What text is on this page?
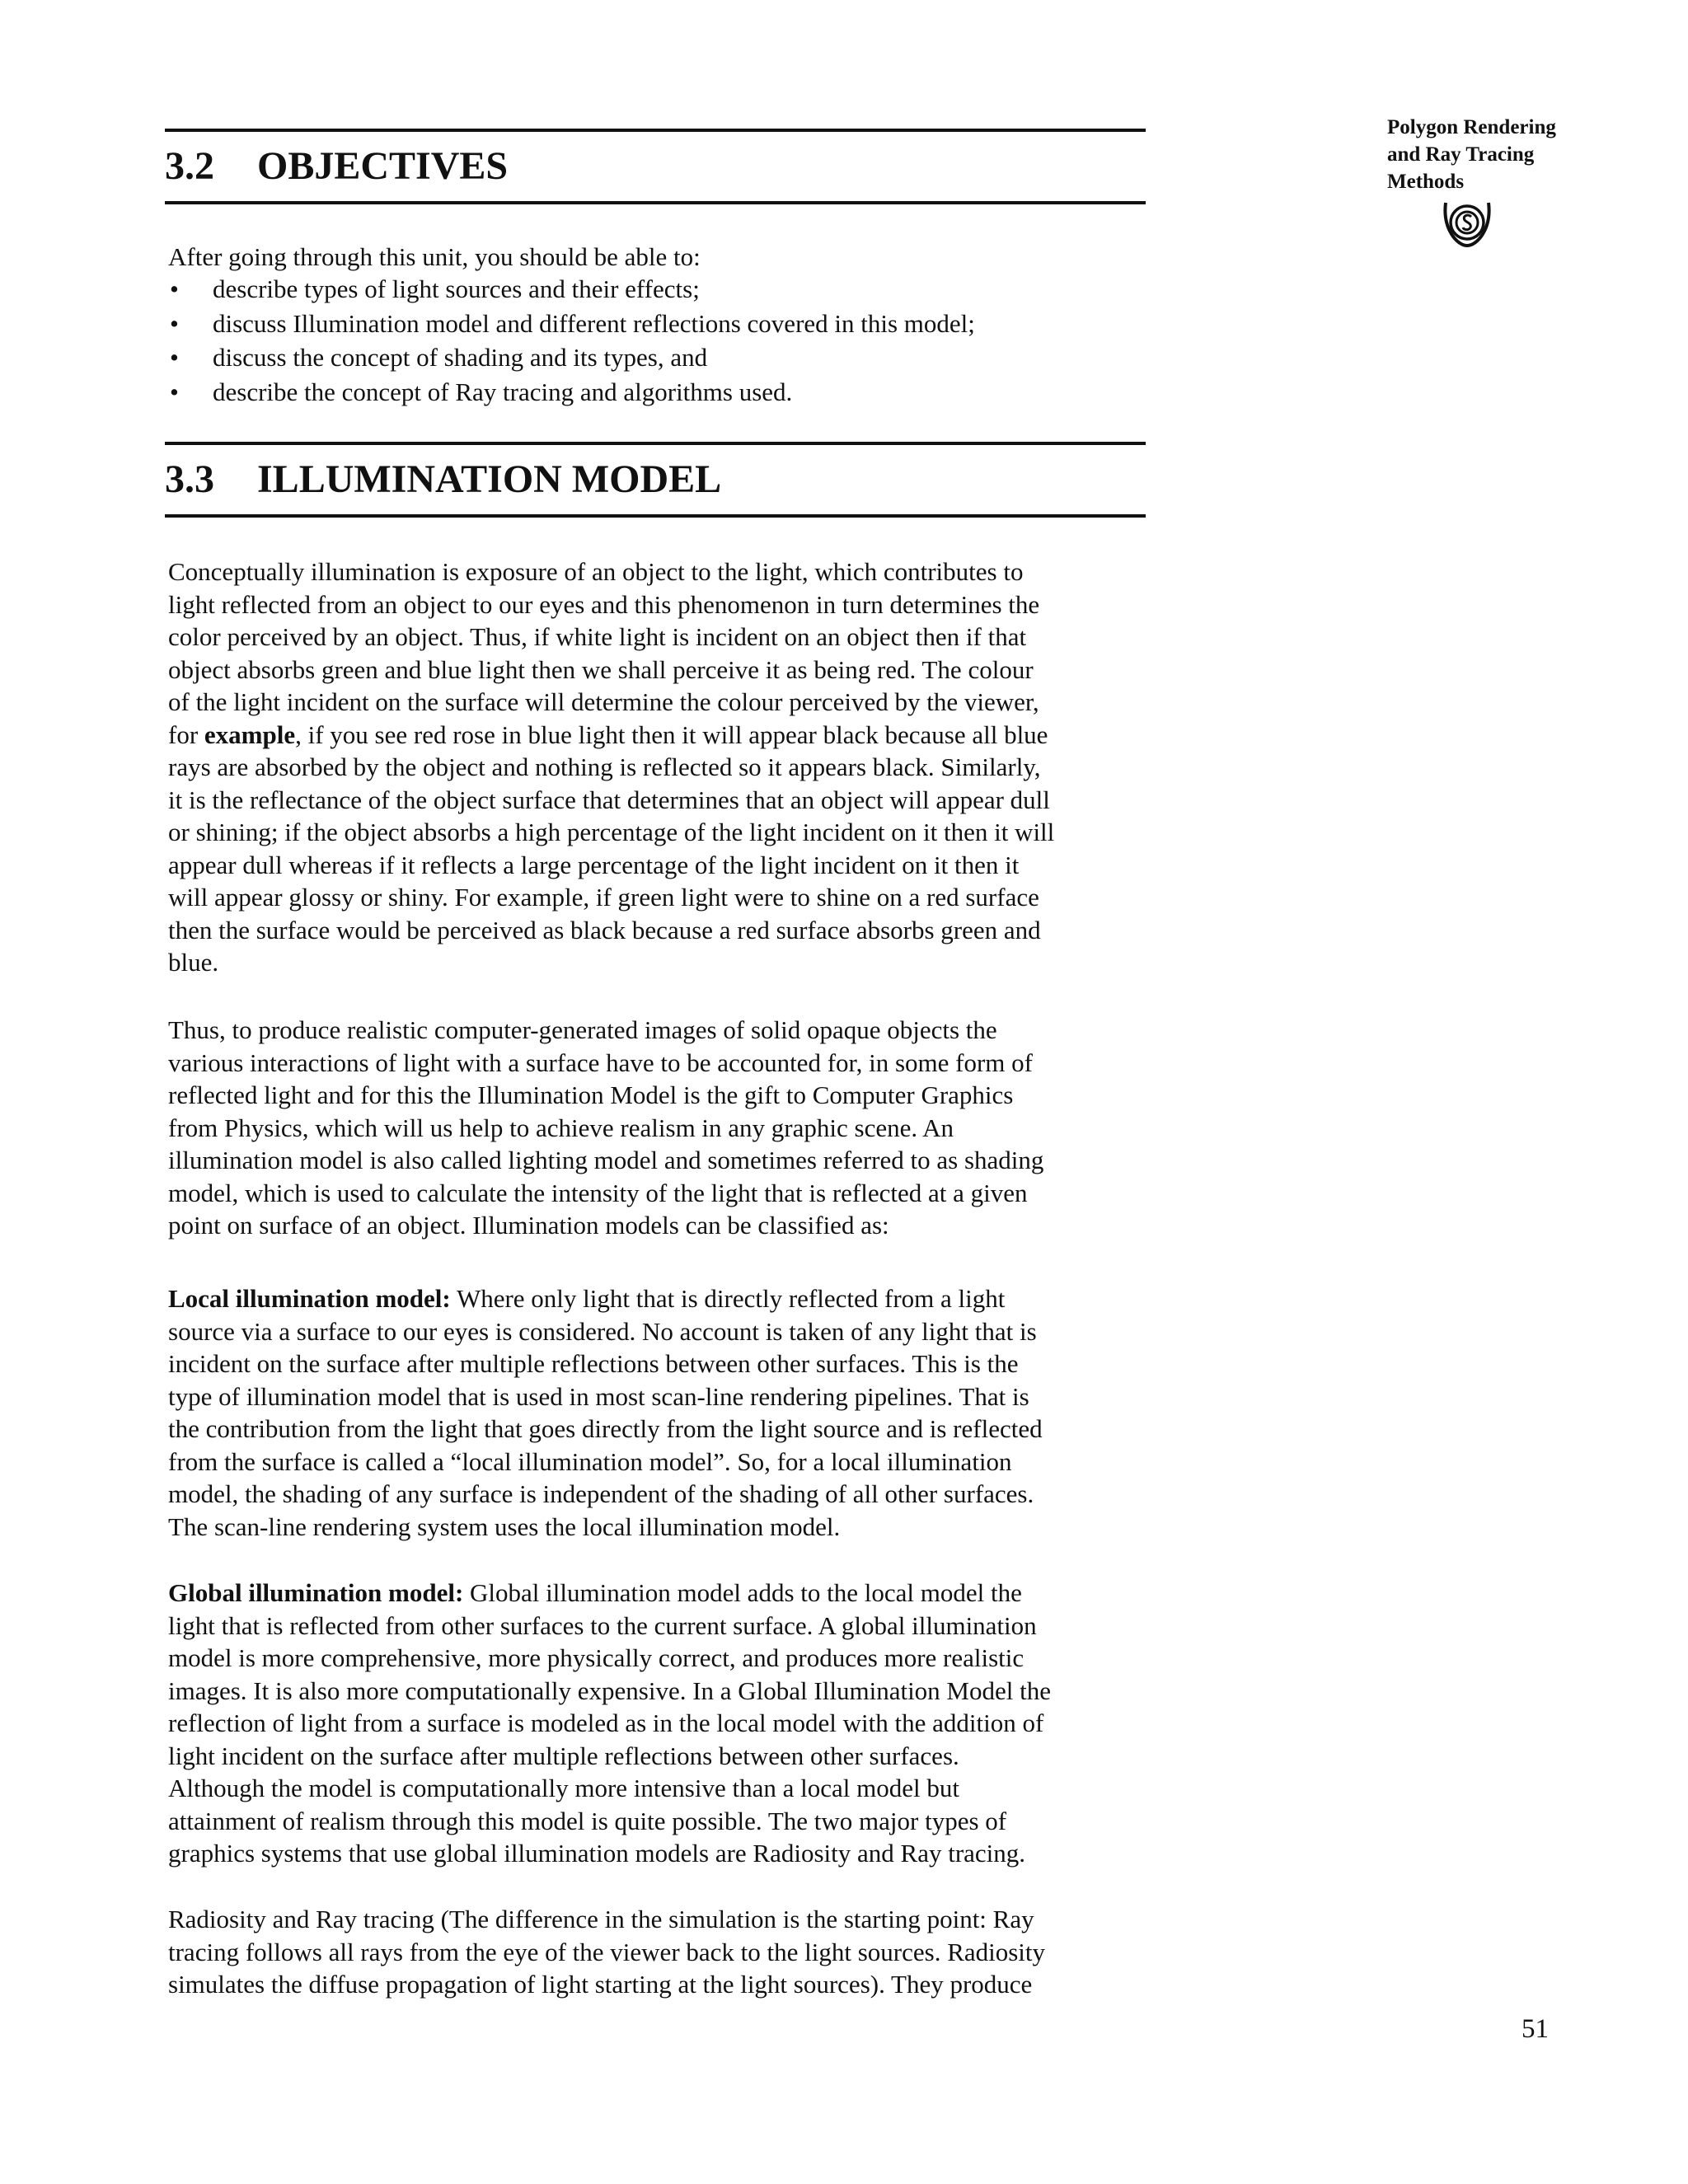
Polygon Rendering
and Ray Tracing
Methods
3.2 OBJECTIVES
After going through this unit, you should be able to:
• describe types of light sources and their effects;
• discuss Illumination model and different reflections covered in this model;
• discuss the concept of shading and its types, and
• describe the concept of Ray tracing and algorithms used.
3.3 ILLUMINATION MODEL
Conceptually illumination is exposure of an object to the light, which contributes to
light reflected from an object to our eyes and this phenomenon in turn determines the
color perceived by an object. Thus, if white light is incident on an object then if that
object absorbs green and blue light then we shall perceive it as being red. The colour
of the light incident on the surface will determine the colour perceived by the viewer,
for example, if you see red rose in blue light then it will appear black because all blue
rays are absorbed by the object and nothing is reflected so it appears black. Similarly,
it is the reflectance of the object surface that determines that an object will appear dull
or shining; if the object absorbs a high percentage of the light incident on it then it will
appear dull whereas if it reflects a large percentage of the light incident on it then it
will appear glossy or shiny. For example, if green light were to shine on a red surface
then the surface would be perceived as black because a red surface absorbs green and
blue.
Thus, to produce realistic computer-generated images of solid opaque objects the
various interactions of light with a surface have to be accounted for, in some form of
reflected light and for this the Illumination Model is the gift to Computer Graphics
from Physics, which will us help to achieve realism in any graphic scene. An
illumination model is also called lighting model and sometimes referred to as shading
model, which is used to calculate the intensity of the light that is reflected at a given
point on surface of an object. Illumination models can be classified as:
Local illumination model: Where only light that is directly reflected from a light
source via a surface to our eyes is considered. No account is taken of any light that is
incident on the surface after multiple reflections between other surfaces. This is the
type of illumination model that is used in most scan-line rendering pipelines. That is
the contribution from the light that goes directly from the light source and is reflected
from the surface is called a “local illumination model”. So, for a local illumination
model, the shading of any surface is independent of the shading of all other surfaces.
The scan-line rendering system uses the local illumination model.
Global illumination model: Global illumination model adds to the local model the
light that is reflected from other surfaces to the current surface. A global illumination
model is more comprehensive, more physically correct, and produces more realistic
images. It is also more computationally expensive. In a Global Illumination Model the
reflection of light from a surface is modeled as in the local model with the addition of
light incident on the surface after multiple reflections between other surfaces.
Although the model is computationally more intensive than a local model but
attainment of realism through this model is quite possible. The two major types of
graphics systems that use global illumination models are Radiosity and Ray tracing.
Radiosity and Ray tracing (The difference in the simulation is the starting point: Ray
tracing follows all rays from the eye of the viewer back to the light sources. Radiosity
simulates the diffuse propagation of light starting at the light sources). They produce
51
